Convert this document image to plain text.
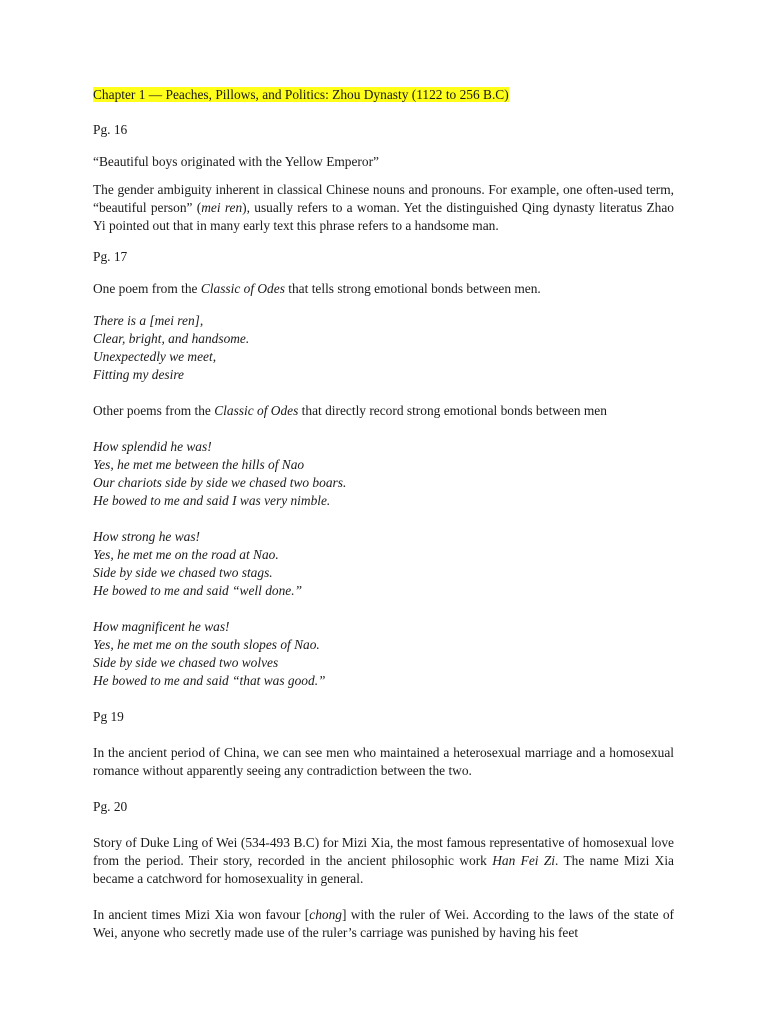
Chapter 1 — Peaches, Pillows, and Politics: Zhou Dynasty (1122 to 256 B.C)

Pg. 16

“Beautiful boys originated with the Yellow Emperor”

The gender ambiguity inherent in classical Chinese nouns and pronouns. For example, one often-used term, “beautiful person” (mei ren), usually refers to a woman. Yet the distinguished Qing dynasty literatus Zhao Yi pointed out that in many early text this phrase refers to a handsome man.

Pg. 17

One poem from the Classic of Odes that tells strong emotional bonds between men.

There is a [mei ren],
Clear, bright, and handsome.
Unexpectedly we meet,
Fitting my desire

Other poems from the Classic of Odes that directly record strong emotional bonds between men

How splendid he was!
Yes, he met me between the hills of Nao
Our chariots side by side we chased two boars.
He bowed to me and said I was very nimble.
How strong he was!
Yes, he met me on the road at Nao.
Side by side we chased two stags.
He bowed to me and said “well done.”
How magnificent he was!
Yes, he met me on the south slopes of Nao.
Side by side we chased two wolves
He bowed to me and said “that was good.”

Pg 19

In the ancient period of China, we can see men who maintained a heterosexual marriage and a homosexual romance without apparently seeing any contradiction between the two.

Pg. 20

Story of Duke Ling of Wei (534-493 B.C) for Mizi Xia, the most famous representative of homosexual love from the period. Their story, recorded in the ancient philosophic work Han Fei Zi. The name Mizi Xia became a catchword for homosexuality in general.

In ancient times Mizi Xia won favour [chong] with the ruler of Wei. According to the laws of the state of Wei, anyone who secretly made use of the ruler’s carriage was punished by having his feet
